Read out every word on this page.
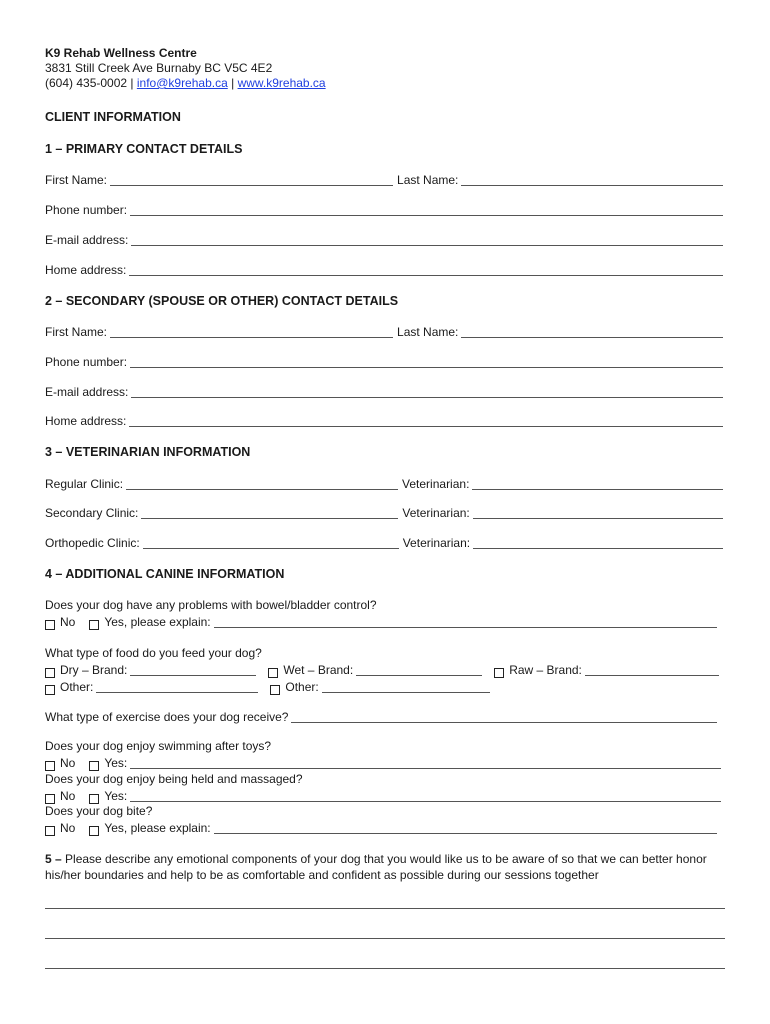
K9 Rehab Wellness Centre
3831 Still Creek Ave Burnaby BC V5C 4E2
(604) 435-0002 | info@k9rehab.ca | www.k9rehab.ca
CLIENT INFORMATION
1 – PRIMARY CONTACT DETAILS
First Name:	Last Name:
Phone number:
E-mail address:
Home address:
2 – SECONDARY (SPOUSE OR OTHER) CONTACT DETAILS
First Name:	Last Name:
Phone number:
E-mail address:
Home address:
3 – VETERINARIAN INFORMATION
Regular Clinic:	Veterinarian:
Secondary Clinic:	Veterinarian:
Orthopedic Clinic:	Veterinarian:
4 – ADDITIONAL CANINE INFORMATION
Does your dog have any problems with bowel/bladder control?
No Yes, please explain:
What type of food do you feed your dog?
Dry – Brand:	Wet – Brand:	Raw – Brand:
Other:	Other:
What type of exercise does your dog receive?
Does your dog enjoy swimming after toys?
No Yes:
Does your dog enjoy being held and massaged?
No Yes:
Does your dog bite?
No Yes, please explain:
5 – Please describe any emotional components of your dog that you would like us to be aware of so that we can better honor his/her boundaries and help to be as comfortable and confident as possible during our sessions together
